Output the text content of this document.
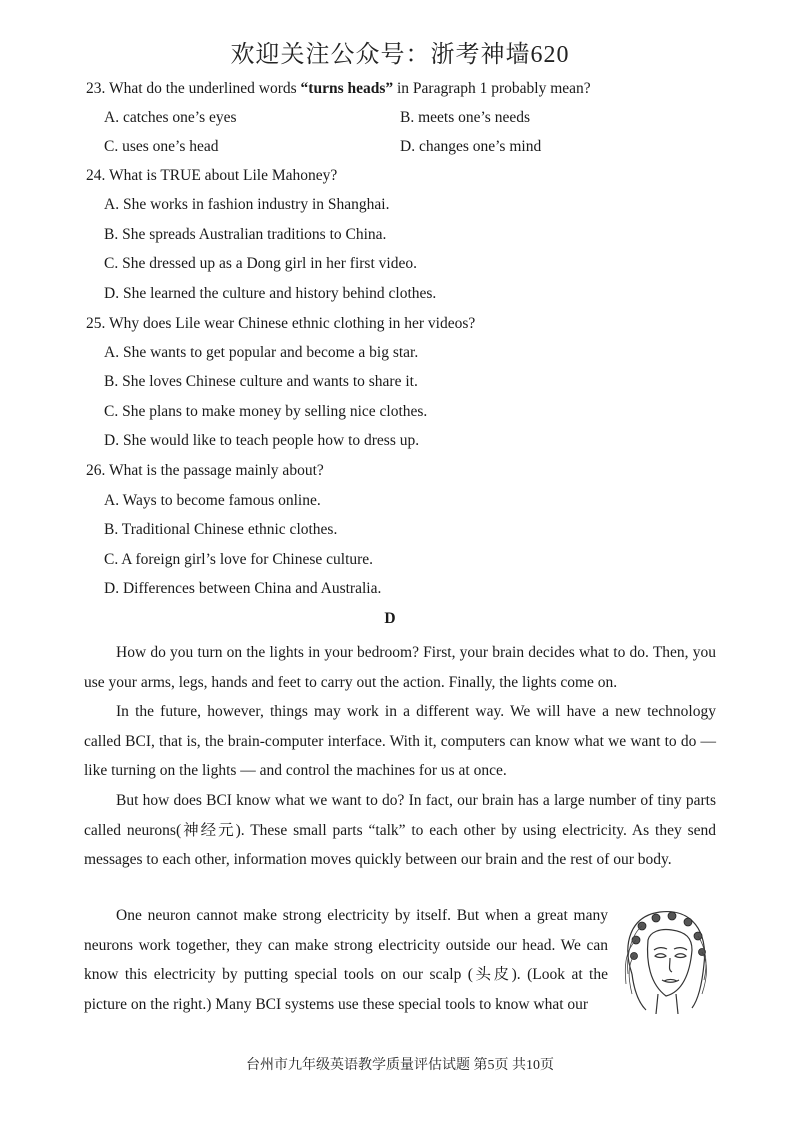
欢迎关注公众号：浙考神墙620
23. What do the underlined words “turns heads” in Paragraph 1 probably mean?
A. catches one’s eyes	B. meets one’s needs
C. uses one’s head	D. changes one’s mind
24. What is TRUE about Lile Mahoney?
A. She works in fashion industry in Shanghai.
B. She spreads Australian traditions to China.
C. She dressed up as a Dong girl in her first video.
D. She learned the culture and history behind clothes.
25. Why does Lile wear Chinese ethnic clothing in her videos?
A. She wants to get popular and become a big star.
B. She loves Chinese culture and wants to share it.
C. She plans to make money by selling nice clothes.
D. She would like to teach people how to dress up.
26. What is the passage mainly about?
A. Ways to become famous online.
B. Traditional Chinese ethnic clothes.
C. A foreign girl’s love for Chinese culture.
D. Differences between China and Australia.
D

How do you turn on the lights in your bedroom? First, your brain decides what to do. Then, you use your arms, legs, hands and feet to carry out the action. Finally, the lights come on.

In the future, however, things may work in a different way. We will have a new technology called BCI, that is, the brain-computer interface. With it, computers can know what we want to do — like turning on the lights — and control the machines for us at once.

But how does BCI know what we want to do? In fact, our brain has a large number of tiny parts called neurons(神经元). These small parts “talk” to each other by using electricity. As they send messages to each other, information moves quickly between our brain and the rest of our body.

One neuron cannot make strong electricity by itself. But when a great many neurons work together, they can make strong electricity outside our head. We can know this electricity by putting special tools on our scalp (头皮). (Look at the picture on the right.) Many BCI systems use these special tools to know what our

台州市九年级英语教学质量评估试题 第5页 共10页
